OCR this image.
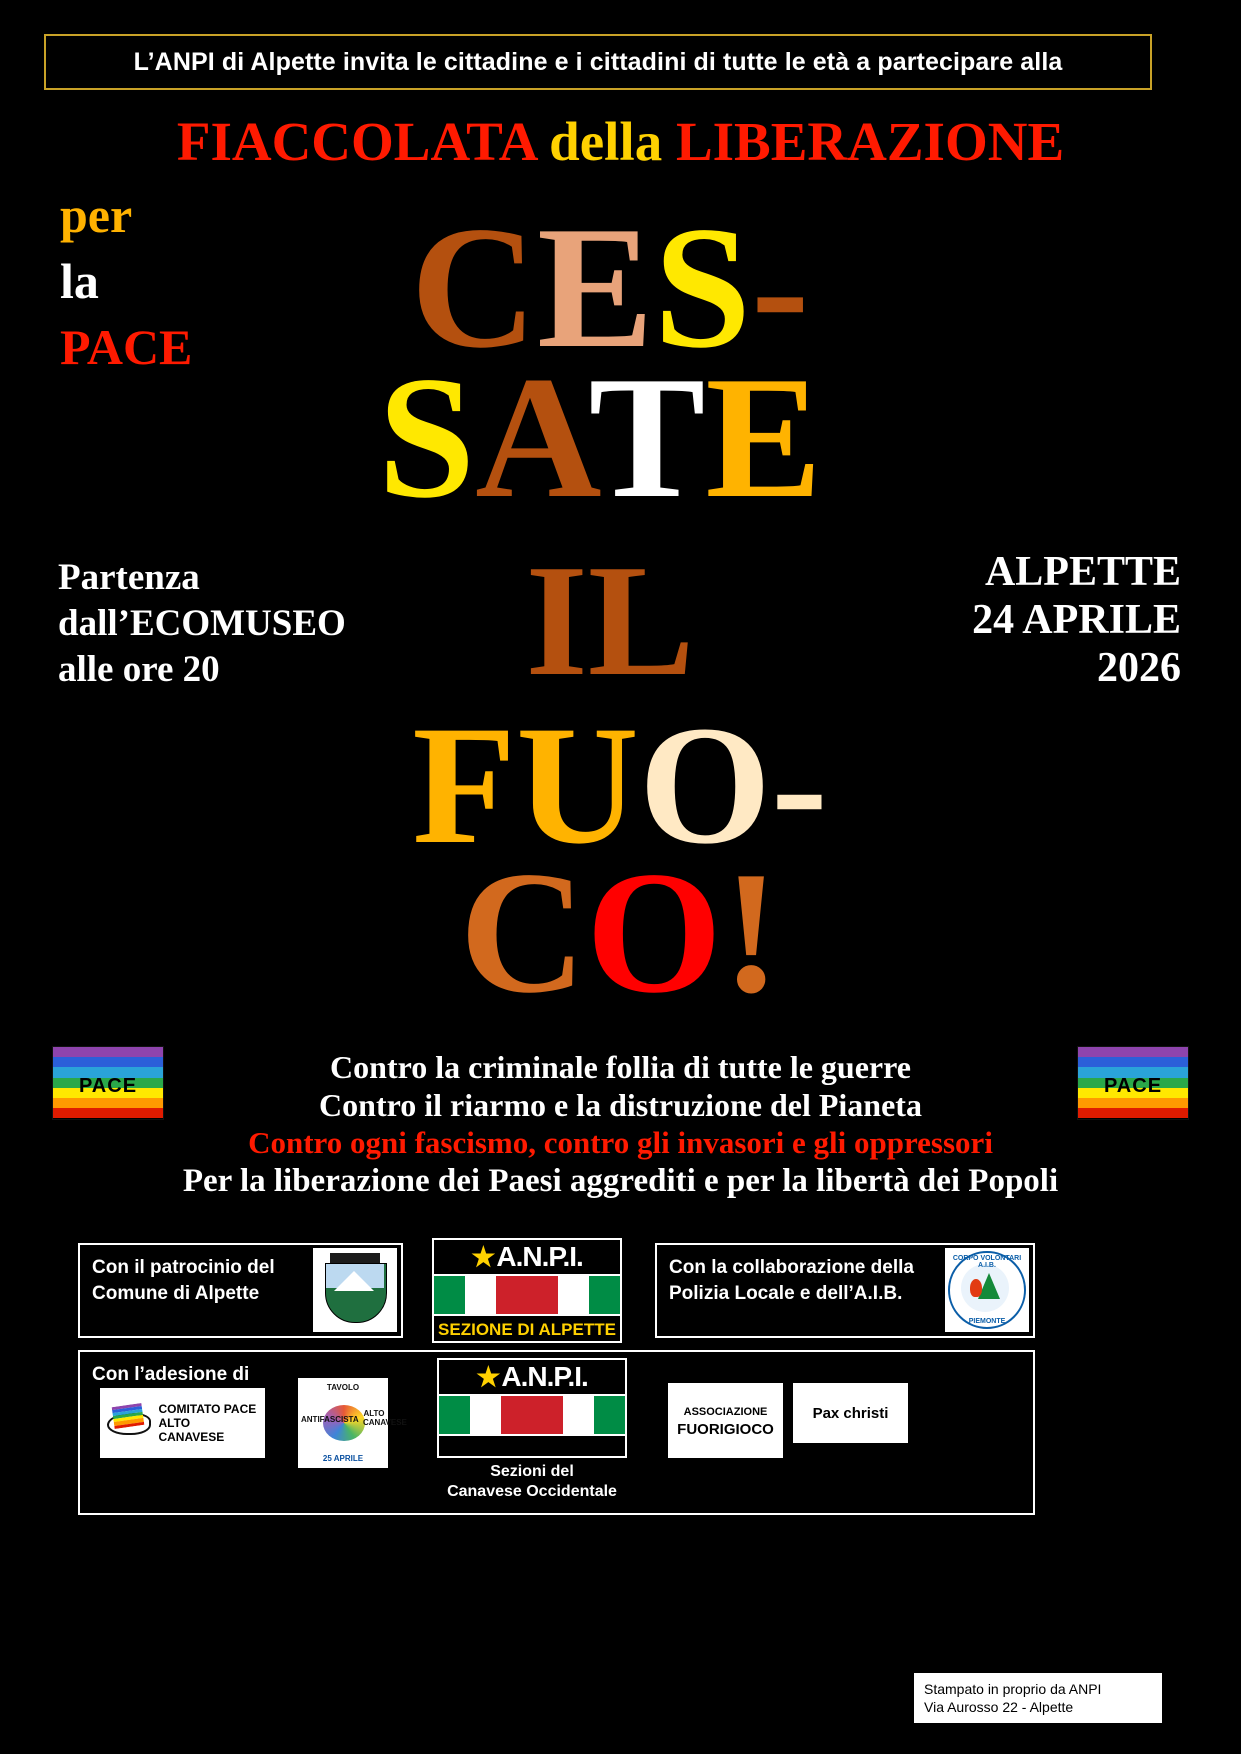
L’ANPI di Alpette invita le cittadine e i cittadini di tutte le età a partecipare alla
FIACCOLATA della LIBERAZIONE
per
la
PACE	CES-
SATE
IL
FUO-
CO!
Partenza
dall’ECOMUSEO
alle ore 20
ALPETTE
24 APRILE
2026
PACE	PACE
Contro la criminale follia di tutte le guerre
Contro il riarmo e la distruzione del Pianeta
Contro ogni fascismo, contro gli invasori e gli oppressori
Per la liberazione dei Paesi aggrediti e per la libertà dei Popoli
Con il patrocinio del
Comune di Alpette
★ A.N.P.I.
SEZIONE DI ALPETTE
Con la collaborazione della
Polizia Locale e dell’A.I.B.
CORPO VOLONTARI A.I.B.
PIEMONTE
Con l’adesione di
COMITATO PACE
ALTO CANAVESE
TAVOLO
ANTIFASCISTA
ALTO CANAVESE
25 APRILE
★ A.N.P.I.
Sezioni del
Canavese Occidentale
ASSOCIAZIONE
FUORIGIOCO
Pax christi
Stampato in proprio da ANPI
Via Aurosso 22 - Alpette
